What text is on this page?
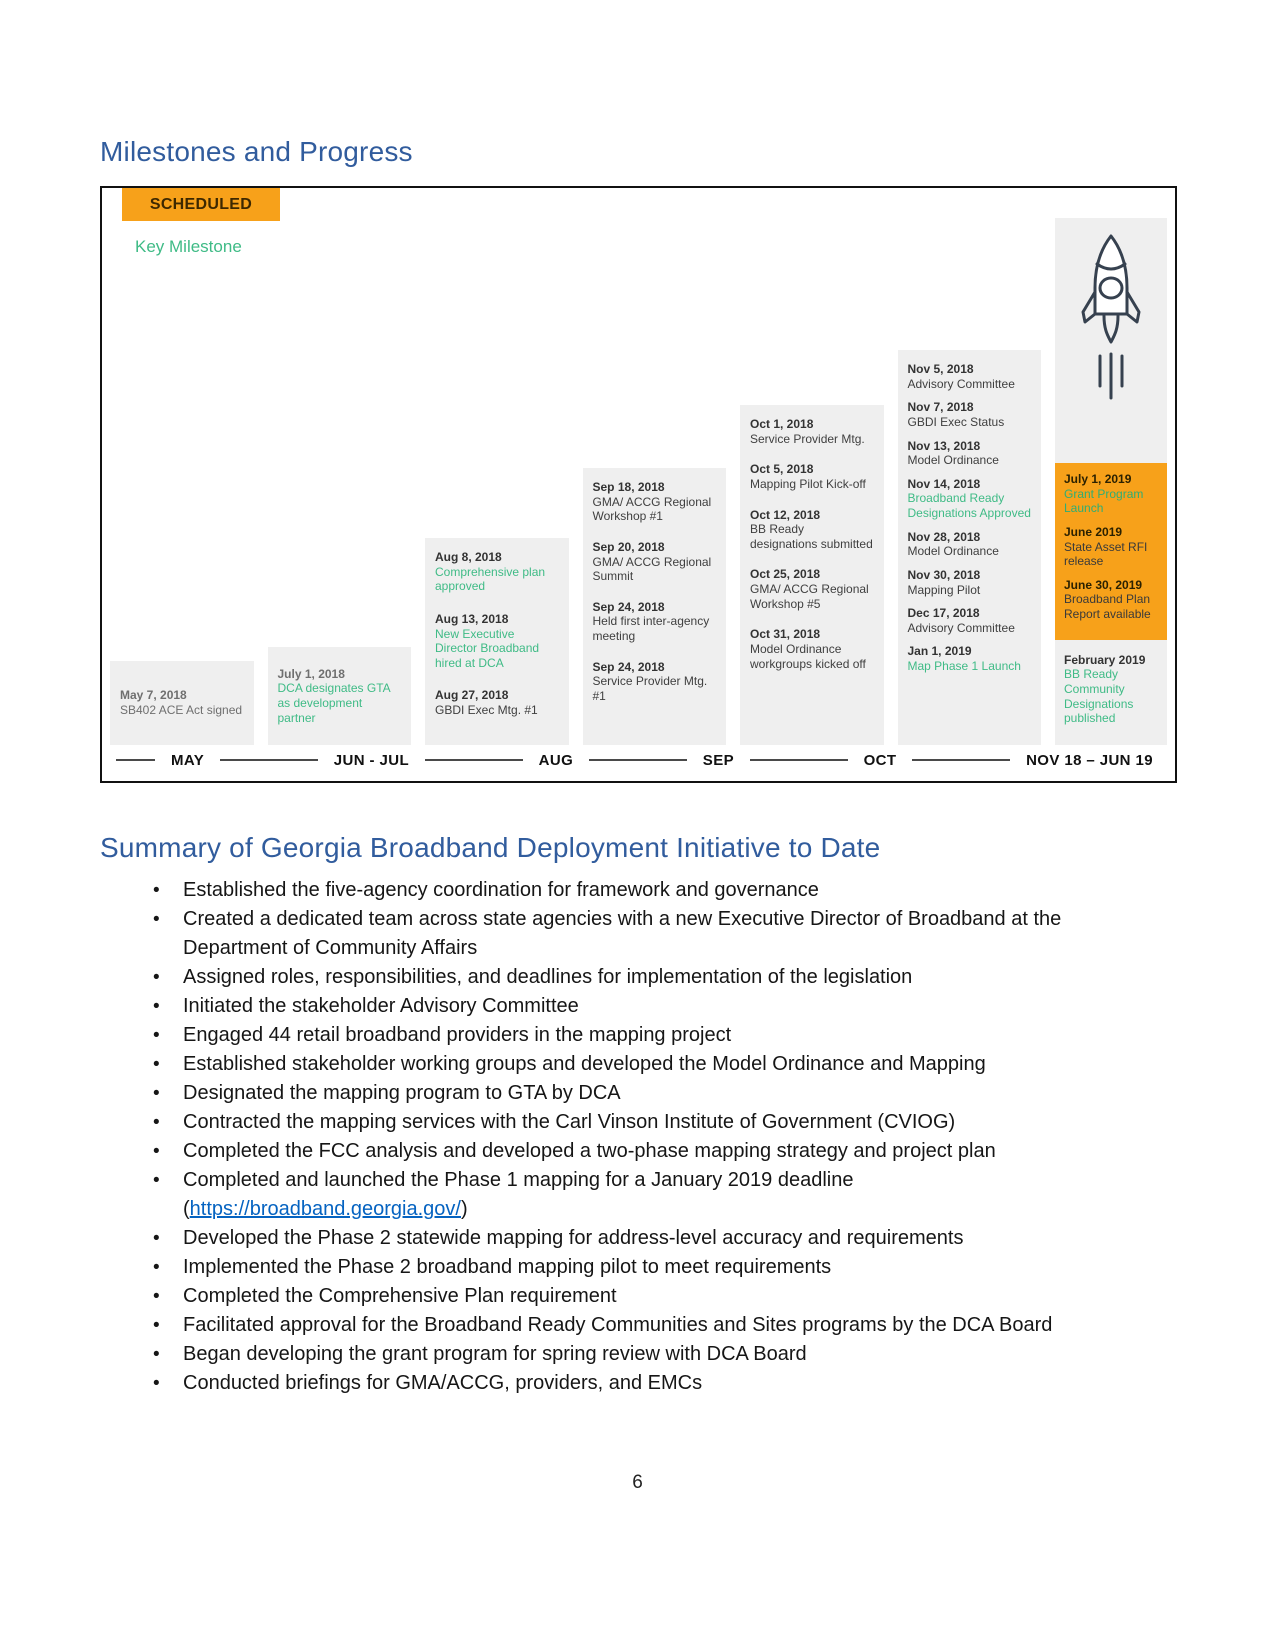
Milestones and Progress
SCHEDULED
Key Milestone
May 7, 2018
SB402 ACE Act signed
July 1, 2018
DCA designates GTA as development partner
Aug 8, 2018
Comprehensive plan approved
Aug 13, 2018
New Executive Director Broadband hired at DCA
Aug 27, 2018
GBDI Exec Mtg. #1
Sep 18, 2018
GMA/ ACCG Regional Workshop #1
Sep 20, 2018
GMA/ ACCG Regional Summit
Sep 24, 2018
Held first inter-agency meeting
Sep 24, 2018
Service Provider Mtg. #1
Oct 1, 2018
Service Provider Mtg.
Oct 5, 2018
Mapping Pilot Kick-off
Oct 12, 2018
BB Ready designations submitted
Oct 25, 2018
GMA/ ACCG Regional Workshop #5
Oct 31, 2018
Model Ordinance workgroups kicked off
Nov 5, 2018
Advisory Committee
Nov 7, 2018
GBDI Exec Status
Nov 13, 2018
Model Ordinance
Nov 14, 2018
Broadband Ready Designations Approved
Nov 28, 2018
Model Ordinance
Nov 30, 2018
Mapping Pilot
Dec 17, 2018
Advisory Committee
Jan 1, 2019
Map Phase 1 Launch
July 1, 2019
Grant Program Launch
June 2019
State Asset RFI release
June 30, 2019
Broadband Plan Report available
February 2019
BB Ready Community Designations published
MAY	JUN - JUL	AUG	SEP	OCT	NOV 18 – JUN 19
Summary of Georgia Broadband Deployment Initiative to Date
• Established the five-agency coordination for framework and governance
• Created a dedicated team across state agencies with a new Executive Director of Broadband at the Department of Community Affairs
• Assigned roles, responsibilities, and deadlines for implementation of the legislation
• Initiated the stakeholder Advisory Committee
• Engaged 44 retail broadband providers in the mapping project
• Established stakeholder working groups and developed the Model Ordinance and Mapping
• Designated the mapping program to GTA by DCA
• Contracted the mapping services with the Carl Vinson Institute of Government (CVIOG)
• Completed the FCC analysis and developed a two-phase mapping strategy and project plan
• Completed and launched the Phase 1 mapping for a January 2019 deadline (https://broadband.georgia.gov/)
• Developed the Phase 2 statewide mapping for address-level accuracy and requirements
• Implemented the Phase 2 broadband mapping pilot to meet requirements
• Completed the Comprehensive Plan requirement
• Facilitated approval for the Broadband Ready Communities and Sites programs by the DCA Board
• Began developing the grant program for spring review with DCA Board
• Conducted briefings for GMA/ACCG, providers, and EMCs
6
